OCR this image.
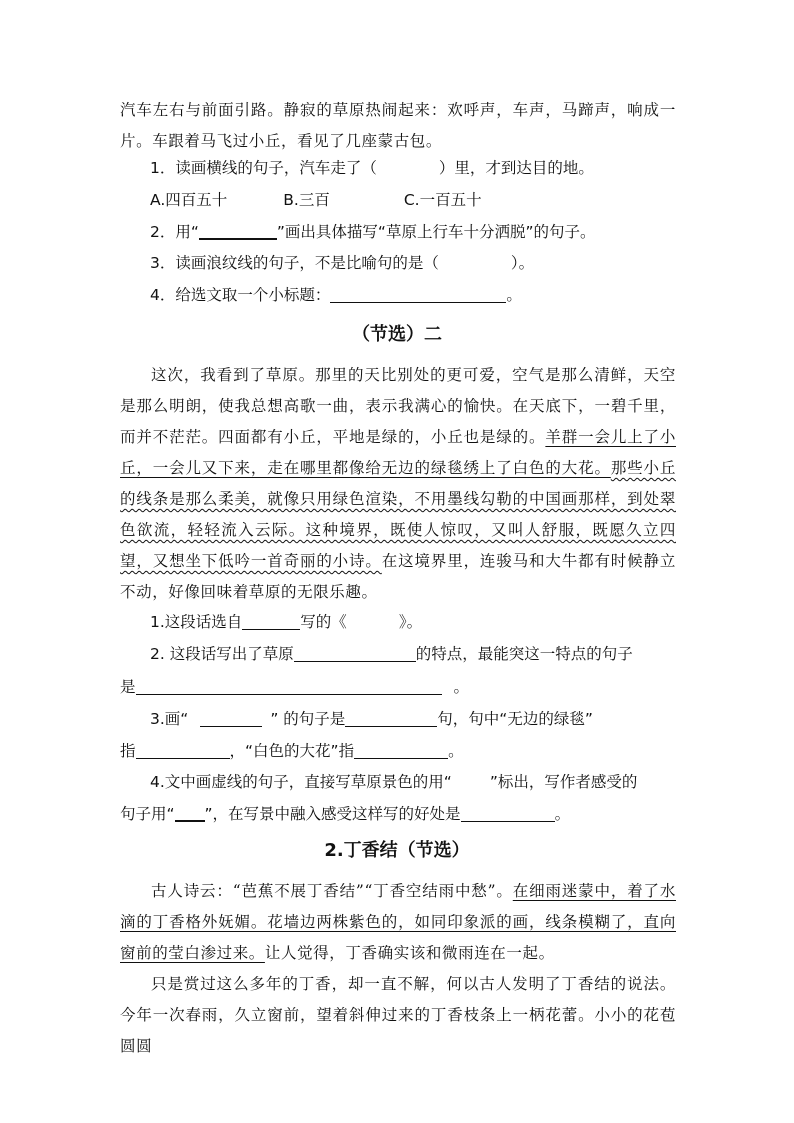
汽车左右与前面引路。静寂的草原热闹起来：欢呼声，车声，马蹄声，响成一片。车跟着马飞过小丘，看见了几座蒙古包。
1．读画横线的句子，汽车走了（	）里，才到达目的地。
A.四百五十	B.三百	C.一百五十
2．用“	”画出具体描写“草原上行车十分洒脱”的句子。
3．读画浪纹线的句子，不是比喻句的是（	）。
4．给选文取一个小标题：	。
（节选）二
这次，我看到了草原。那里的天比别处的更可爱，空气是那么清鲜，天空是那么明朗，使我总想高歌一曲，表示我满心的愉快。在天底下，一碧千里，而并不茫茫。四面都有小丘，平地是绿的，小丘也是绿的。羊群一会儿上了小丘，一会儿又下来，走在哪里都像给无边的绿毯绣上了白色的大花。那些小丘的线条是那么柔美，就像只用绿色渲染，不用墨线勾勒的中国画那样，到处翠色欲流，轻轻流入云际。这种境界，既使人惊叹，又叫人舒服，既愿久立四望，又想坐下低吟一首奇丽的小诗。在这境界里，连骏马和大牛都有时候静立不动，好像回味着草原的无限乐趣。
1.这段话选自	写的《	》。
2. 这段话写出了草原	的特点，最能突这一特点的句子
是	。
3.画“	” 的句子是	句，句中“无边的绿毯”
指	，“白色的大花”指	。
4.文中画虚线的句子，直接写草原景色的用“ ”标出，写作者感受的
句子用“ ”，在写景中融入感受这样写的好处是	。
2.丁香结（节选）
古人诗云：“芭蕉不展丁香结”“丁香空结雨中愁”。在细雨迷蒙中，着了水滴的丁香格外妩媚。花墙边两株紫色的，如同印象派的画，线条模糊了，直向窗前的莹白渗过来。让人觉得，丁香确实该和微雨连在一起。
只是赏过这么多年的丁香，却一直不解，何以古人发明了丁香结的说法。今年一次春雨，久立窗前，望着斜伸过来的丁香枝条上一柄花蕾。小小的花苞圆圆
